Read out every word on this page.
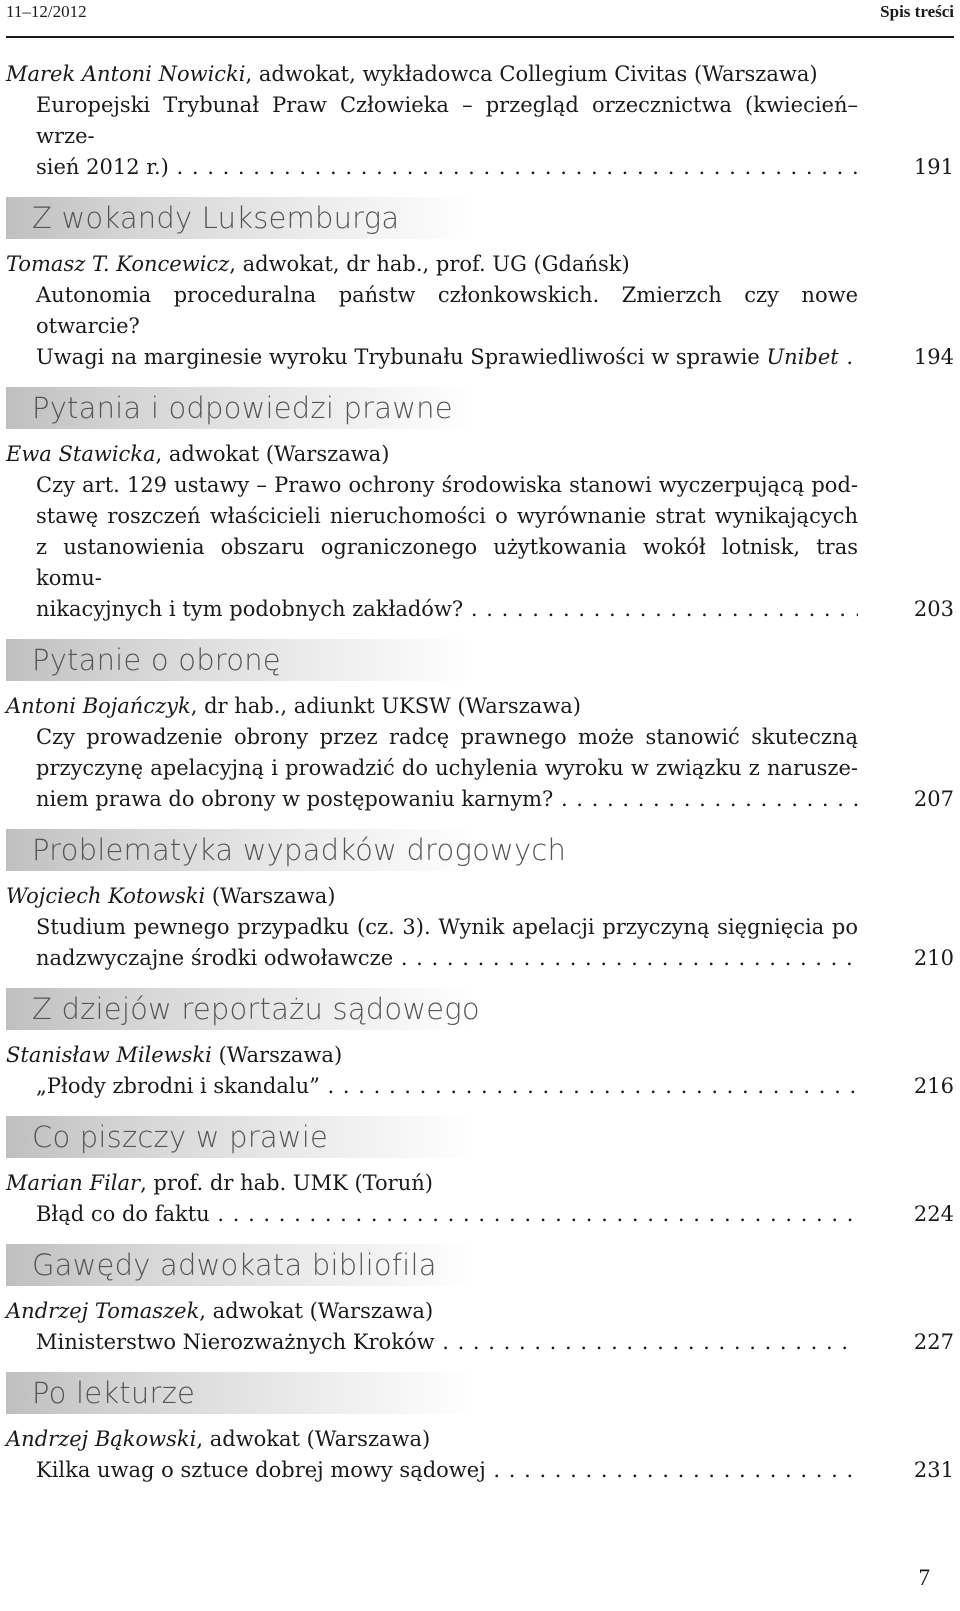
11–12/2012	Spis treści

Marek Antoni Nowicki, adwokat, wykładowca Collegium Civitas (Warszawa)

Europejski Trybunał Praw Człowieka – przegląd orzecznictwa (kwiecień–wrze-
sień 2012 r.) . . .	191
Z wokandy Luksemburga

Tomasz T. Koncewicz, adwokat, dr hab., prof. UG (Gdańsk)

Autonomia proceduralna państw członkowskich. Zmierzch czy nowe otwarcie?
Uwagi na marginesie wyroku Trybunału Sprawiedliwości w sprawie Unibet . . .	194
Pytania i odpowiedzi prawne

Ewa Stawicka, adwokat (Warszawa)

Czy art. 129 ustawy – Prawo ochrony środowiska stanowi wyczerpującą pod-
stawę roszczeń właścicieli nieruchomości o wyrównanie strat wynikających
z ustanowienia obszaru ograniczonego użytkowania wokół lotnisk, tras komu-
nikacyjnych i tym podobnych zakładów? . . .	203
Pytanie o obronę

Antoni Bojańczyk, dr hab., adiunkt UKSW (Warszawa)

Czy prowadzenie obrony przez radcę prawnego może stanowić skuteczną
przyczynę apelacyjną i prowadzić do uchylenia wyroku w związku z narusze-
niem prawa do obrony w postępowaniu karnym? . . .	207
Problematyka wypadków drogowych

Wojciech Kotowski (Warszawa)

Studium pewnego przypadku (cz. 3). Wynik apelacji przyczyną sięgnięcia po
nadzwyczajne środki odwoławcze . . .	210
Z dziejów reportażu sądowego

Stanisław Milewski (Warszawa)

„Płody zbrodni i skandalu” . . .	216
Co piszczy w prawie

Marian Filar, prof. dr hab. UMK (Toruń)

Błąd co do faktu . . .	224
Gawędy adwokata bibliofila

Andrzej Tomaszek, adwokat (Warszawa)

Ministerstwo Nierozważnych Kroków . . .	227
Po lekturze

Andrzej Bąkowski, adwokat (Warszawa)

Kilka uwag o sztuce dobrej mowy sądowej . . .	231
7
